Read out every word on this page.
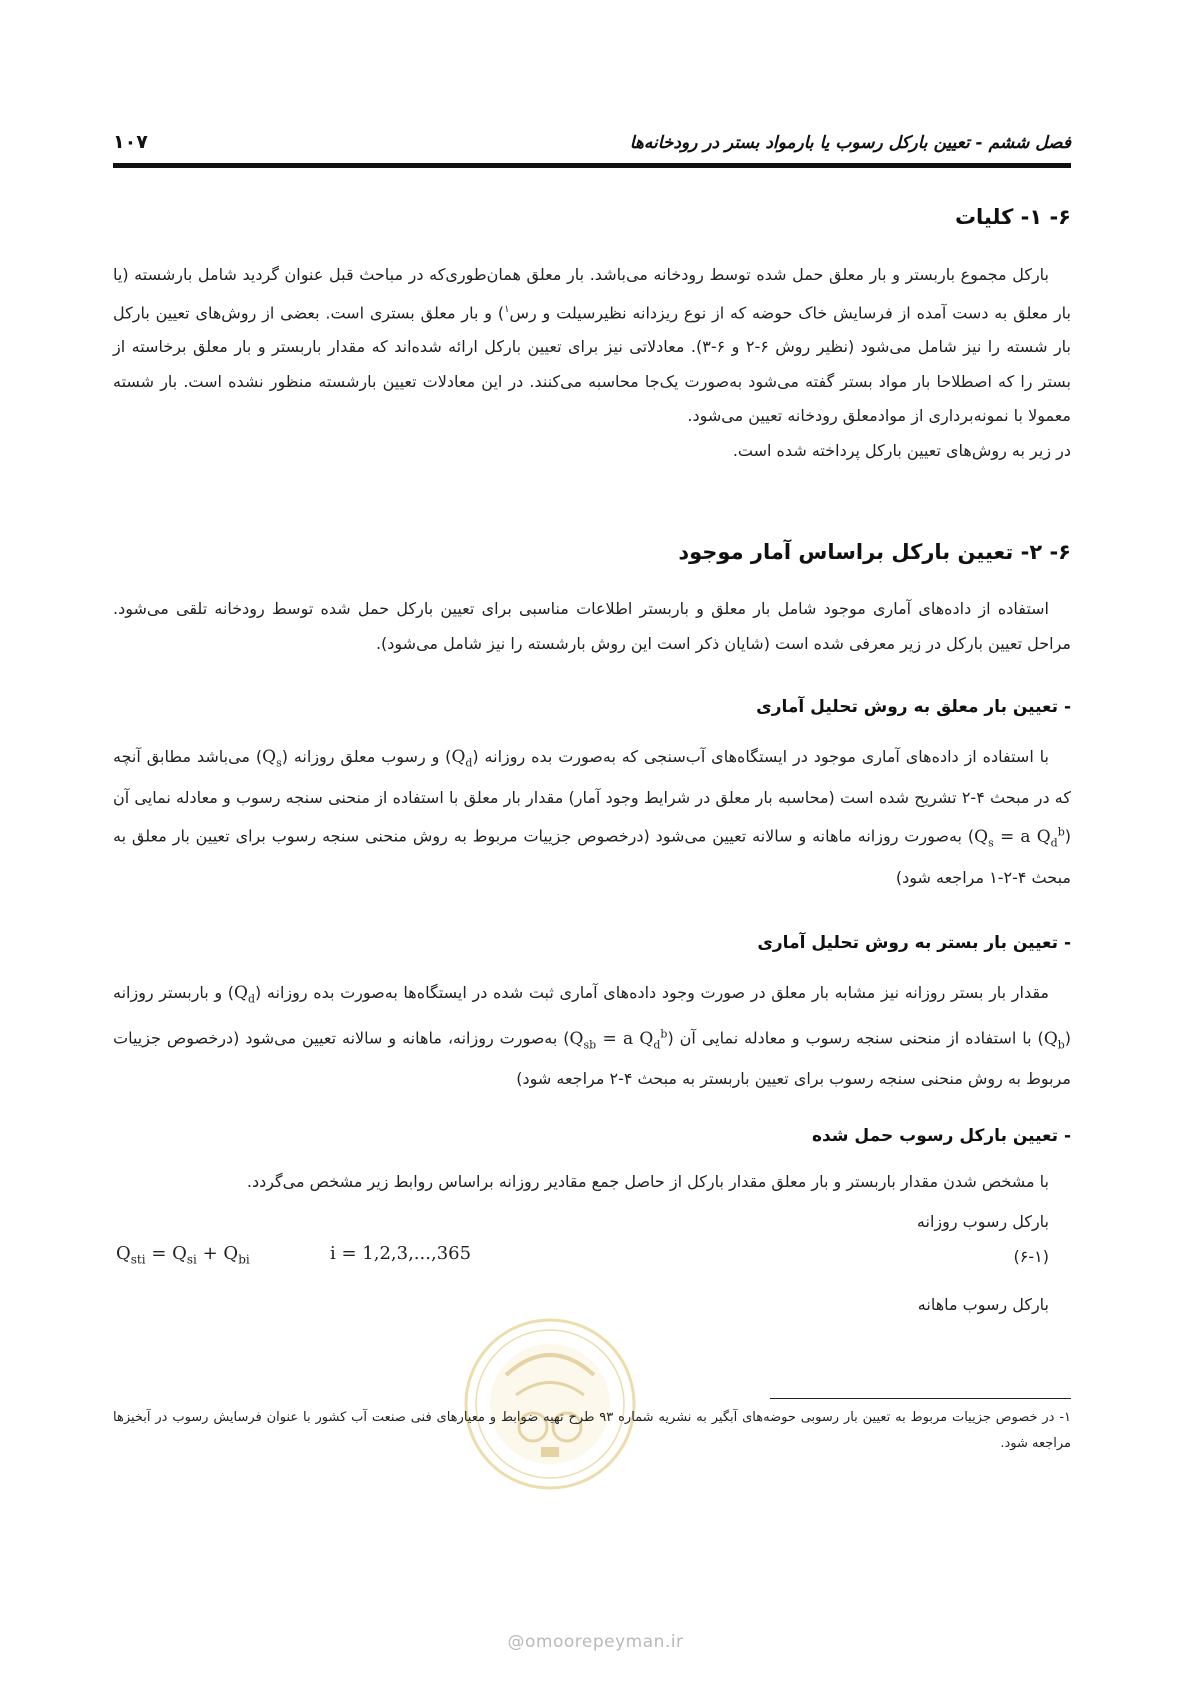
فصل ششم - تعیین بارکل رسوب یا بارمواد بستر در رودخانه‌ها
۱۰۷
۶- ۱- کلیات

بارکل مجموع باربستر و بار معلق حمل شده توسط رودخانه می‌باشد. بار معلق همان‌طوری‌که در مباحث قبل عنوان گردید شامل بارشسته (یا بار معلق به دست آمده از فرسایش خاک حوضه که از نوع ریزدانه نظیرسیلت و رس$^۱$) و بار معلق بستری است. بعضی از روش‌های تعیین بارکل بار شسته را نیز شامل می‌شود (نظیر روش ۶-۲ و ۶-۳). معادلاتی نیز برای تعیین بارکل ارائه شده‌اند که مقدار باربستر و بار معلق برخاسته از بستر را که اصطلاحا بار مواد بستر گفته می‌شود به‌صورت یک‌جا محاسبه می‌کنند. در این معادلات تعیین بارشسته منظور نشده است. بار شسته معمولا با نمونه‌برداری از موادمعلق رودخانه تعیین می‌شود.

در زیر به روش‌های تعیین بارکل پرداخته شده است.

۶- ۲- تعیین بارکل براساس آمار موجود

استفاده از داده‌های آماری موجود شامل بار معلق و باربستر اطلاعات مناسبی برای تعیین بارکل حمل شده توسط رودخانه تلقی می‌شود. مراحل تعیین بارکل در زیر معرفی شده است (شایان ذکر است این روش بارشسته را نیز شامل می‌شود).

- تعیین بار معلق به روش تحلیل آماری

با استفاده از داده‌های آماری موجود در ایستگاه‌های آب‌سنجی که به‌صورت بده روزانه $(Q_d)$ و رسوب معلق روزانه $(Q_s)$ می‌باشد مطابق آنچه که در مبحث ۴-۲ تشریح شده است (محاسبه بار معلق در شرایط وجود آمار) مقدار بار معلق با استفاده از منحنی سنجه رسوب و معادله نمایی آن ($Q_s = a$ $Q_d^b$) به‌صورت روزانه ماهانه و سالانه تعیین می‌شود (درخصوص جزییات مربوط به روش منحنی سنجه رسوب برای تعیین بار معلق به مبحث ۴-۲-۱ مراجعه شود)

- تعیین بار بستر به روش تحلیل آماری

مقدار بار بستر روزانه نیز مشابه بار معلق در صورت وجود داده‌های آماری ثبت شده در ایستگاه‌ها به‌صورت بده روزانه $(Q_d)$ و باربستر روزانه $(Q_b)$ با استفاده از منحنی سنجه رسوب و معادله نمایی آن ($Q_{sb} = a$ $Q_d^b$) به‌صورت روزانه، ماهانه و سالانه تعیین می‌شود (درخصوص جزییات مربوط به روش منحنی سنجه رسوب برای تعیین باربستر به مبحث ۴-۲ مراجعه شود)

- تعیین بارکل رسوب حمل شده
با مشخص شدن مقدار باربستر و بار معلق مقدار بارکل از حاصل جمع مقادیر روزانه براساس روابط زیر مشخص می‌گردد.
بارکل رسوب روزانه
$Q_{sti} = Q_{si} + Q_{bi}$	i = 1,2,3,...,365	(۶-۱)
بارکل رسوب ماهانه

۱- در خصوص جزییات مربوط به تعیین بار رسوبی حوضه‌های آبگیر به نشریه شماره ۹۳ طرح تهیه ضوابط و معیارهای فنی صنعت آب کشور با عنوان فرسایش رسوب در آبخیزها مراجعه شود.

@omoorepeyman.ir
